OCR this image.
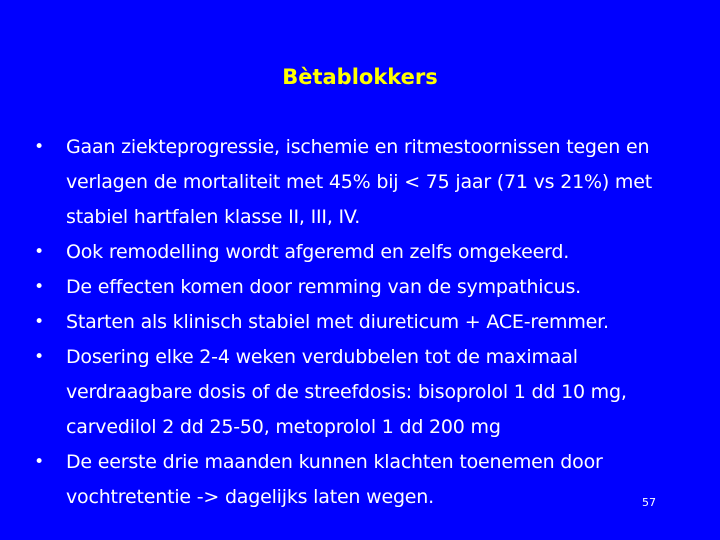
Bètablokkers
• Gaan ziekteprogressie, ischemie en ritmestoornissen tegen en verlagen de mortaliteit met 45% bij < 75 jaar (71 vs 21%) met stabiel hartfalen klasse II, III, IV.
• Ook remodelling wordt afgeremd en zelfs omgekeerd.
• De effecten komen door remming van de sympathicus.
• Starten als klinisch stabiel met diureticum + ACE-remmer.
• Dosering elke 2-4 weken verdubbelen tot de maximaal verdraagbare dosis of de streefdosis: bisoprolol 1 dd 10 mg, carvedilol 2 dd 25-50, metoprolol 1 dd 200 mg
• De eerste drie maanden kunnen klachten toenemen door vochtretentie -> dagelijks laten wegen.	57
